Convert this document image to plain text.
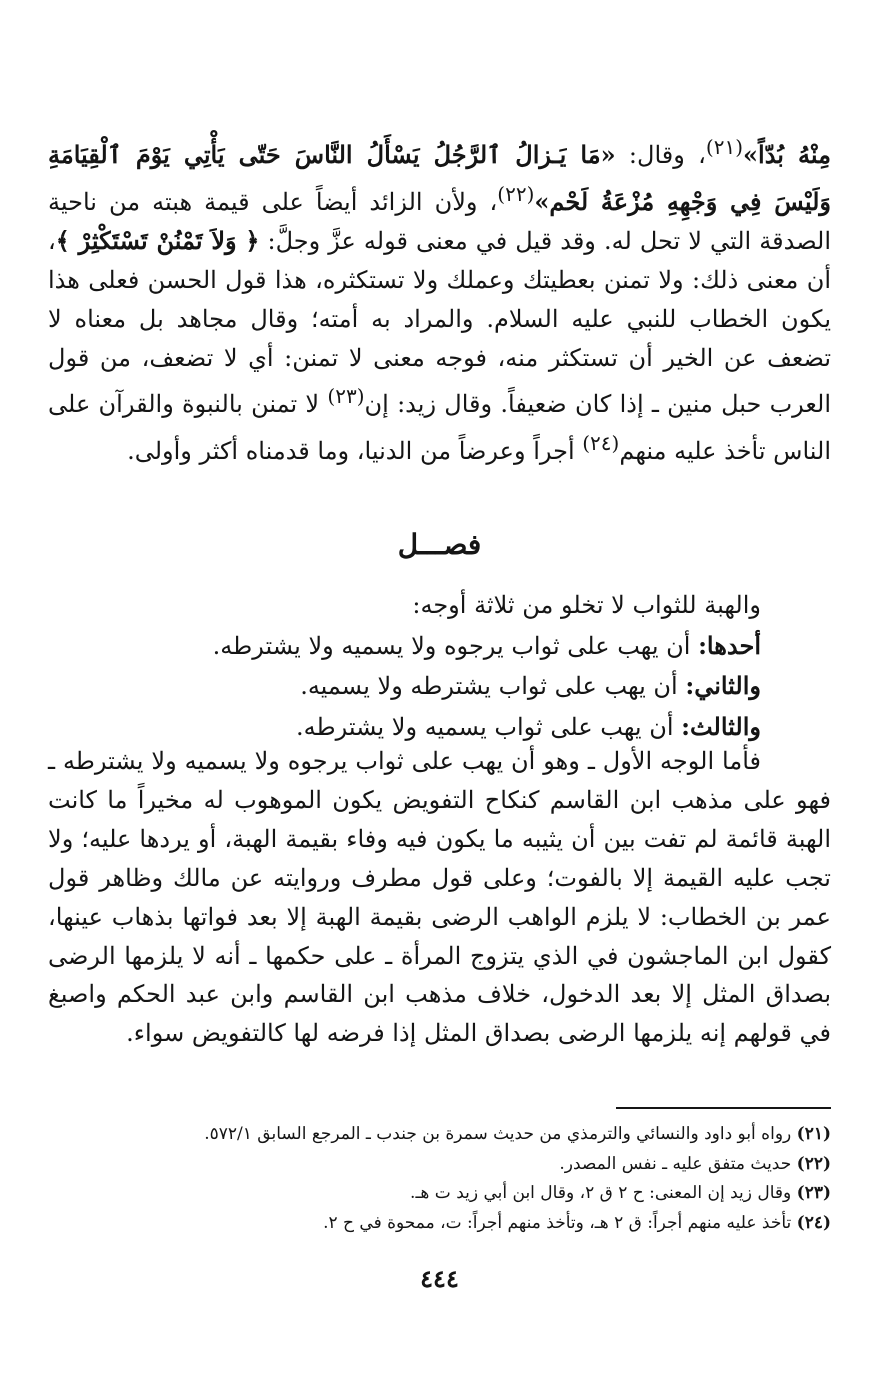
مِنْهُ بُدّاً»$^{(٢١)}$، وقال: «مَا يَـزالُ ٱلرَّجُلُ يَسْأَلُ النَّاسَ حَتّى يَأْتِي يَوْمَ ٱلْقِيَامَةِ وَلَيْسَ فِي وَجْهِهِ مُزْعَةُ لَحْم»$^{(٢٢)}$، ولأن الزائد أيضاً على قيمة هبته من ناحية الصدقة التي لا تحل له. وقد قيل في معنى قوله عزَّ وجلَّ: ﴿ وَلاَ تَمْنُنْ تَسْتَكْثِرْ ﴾، أن معنى ذلك: ولا تمنن بعطيتك وعملك ولا تستكثره، هذا قول الحسن فعلى هذا يكون الخطاب للنبي عليه السلام. والمراد به أمته؛ وقال مجاهد بل معناه لا تضعف عن الخير أن تستكثر منه، فوجه معنى لا تمنن: أي لا تضعف، من قول العرب حبل منين ـ إذا كان ضعيفاً. وقال زيد: إن$^{(٢٣)}$ لا تمنن بالنبوة والقرآن على الناس تأخذ عليه منهم$^{(٢٤)}$ أجراً وعرضاً من الدنيا، وما قدمناه أكثر وأولى.

فصـــل

والهبة للثواب لا تخلو من ثلاثة أوجه:

أحدها: أن يهب على ثواب يرجوه ولا يسميه ولا يشترطه.

والثاني: أن يهب على ثواب يشترطه ولا يسميه.

والثالث: أن يهب على ثواب يسميه ولا يشترطه.

فأما الوجه الأول ـ وهو أن يهب على ثواب يرجوه ولا يسميه ولا يشترطه ـ فهو على مذهب ابن القاسم كنكاح التفويض يكون الموهوب له مخيراً ما كانت الهبة قائمة لم تفت بين أن يثيبه ما يكون فيه وفاء بقيمة الهبة، أو يردها عليه؛ ولا تجب عليه القيمة إلا بالفوت؛ وعلى قول مطرف وروايته عن مالك وظاهر قول عمر بن الخطاب: لا يلزم الواهب الرضى بقيمة الهبة إلا بعد فواتها بذهاب عينها، كقول ابن الماجشون في الذي يتزوج المرأة ـ على حكمها ـ أنه لا يلزمها الرضى بصداق المثل إلا بعد الدخول، خلاف مذهب ابن القاسم وابن عبد الحكم واصبغ في قولهم إنه يلزمها الرضى بصداق المثل إذا فرضه لها كالتفويض سواء.

(٢١) رواه أبو داود والنسائي والترمذي من حديث سمرة بن جندب ـ المرجع السابق ٥٧٢/١.

(٢٢) حديث متفق عليه ـ نفس المصدر.

(٢٣) وقال زيد إن المعنى: ح ٢ ق ٢، وقال ابن أبي زيد ت هـ.

(٢٤) تأخذ عليه منهم أجراً: ق ٢ هـ، وتأخذ منهم أجراً: ت، ممحوة في ح ٢.

٤٤٤
